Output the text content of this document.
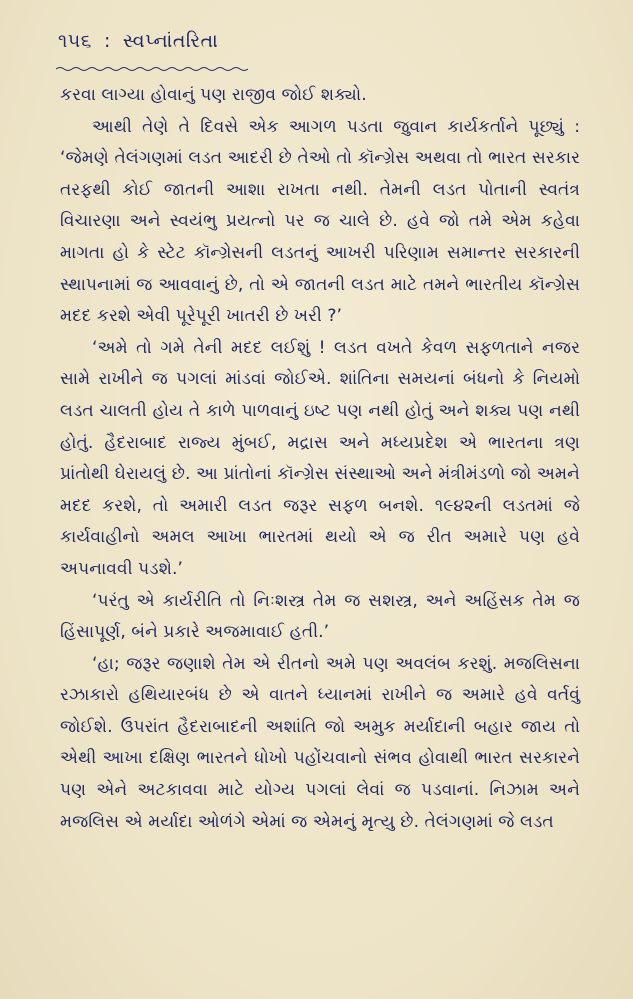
૧૫૬ : સ્વપ્નાંતરિતા

કરવા લાગ્યા હોવાનું પણ રાજીવ જોઈ શક્યો.

આથી તેણે તે દિવસે એક આગળ પડતા જુવાન કાર્યકર્તાને પૂછ્યું : ‘જેમણે તેલંગણમાં લડત આદરી છે તેઓ તો કૉન્ગ્રેસ અથવા તો ભારત સરકાર તરફથી કોઈ જાતની આશા રાખતા નથી. તેમની લડત પોતાની સ્વતંત્ર વિચારણા અને સ્વયંભુ પ્રયત્નો પર જ ચાલે છે. હવે જો તમે એમ કહેવા માગતા હો કે સ્ટેટ કૉન્ગ્રેસની લડતનું આખરી પરિણામ સમાન્તર સરકારની સ્થાપનામાં જ આવવાનું છે, તો એ જાતની લડત માટે તમને ભારતીય કૉન્ગ્રેસ મદદ કરશે એવી પૂરેપૂરી ખાતરી છે ખરી ?’

‘અમે તો ગમે તેની મદદ લઈશું ! લડત વખતે કેવળ સફળતાને નજર સામે રાખીને જ પગલાં માંડવાં જોઈએ. શાંતિના સમયનાં બંધનો કે નિયમો લડત ચાલતી હોય તે કાળે પાળવાનું ઇષ્ટ પણ નથી હોતું અને શક્ય પણ નથી હોતું. હૈદરાબાદ રાજ્ય મુંબઈ, મદ્રાસ અને મધ્યપ્રદેશ એ ભારતના ત્રણ પ્રાંતોથી ઘેરાયલું છે. આ પ્રાંતોનાં કૉન્ગ્રેસ સંસ્થાઓ અને મંત્રીમંડળો જો અમને મદદ કરશે, તો અમારી લડત જરૂર સફળ બનશે. ૧૯૪૨ની લડતમાં જે કાર્યવાહીનો અમલ આખા ભારતમાં થયો એ જ રીત અમારે પણ હવે અપનાવવી પડશે.’

‘પરંતુ એ કાર્યરીતિ તો નિઃશસ્ત્ર તેમ જ સશસ્ત્ર, અને અહિંસક તેમ જ હિંસાપૂર્ણ, બંને પ્રકારે અજમાવાઈ હતી.’

‘હા; જરૂર જણાશે તેમ એ રીતનો અમે પણ અવલંબ કરશું. મજલિસના રઝાકારો હથિયારબંધ છે એ વાતને ધ્યાનમાં રાખીને જ અમારે હવે વર્તવું જોઈશે. ઉપરાંત હૈદરાબાદની અશાંતિ જો અમુક મર્યાદાની બહાર જાય તો એથી આખા દક્ષિણ ભારતને ધોખો પહોંચવાનો સંભવ હોવાથી ભારત સરકારને પણ એને અટકાવવા માટે યોગ્ય પગલાં લેવાં જ પડવાનાં. નિઝામ અને મજલિસ એ મર્યાદા ઓળંગે એમાં જ એમનું મૃત્યુ છે. તેલંગણમાં જે લડત
